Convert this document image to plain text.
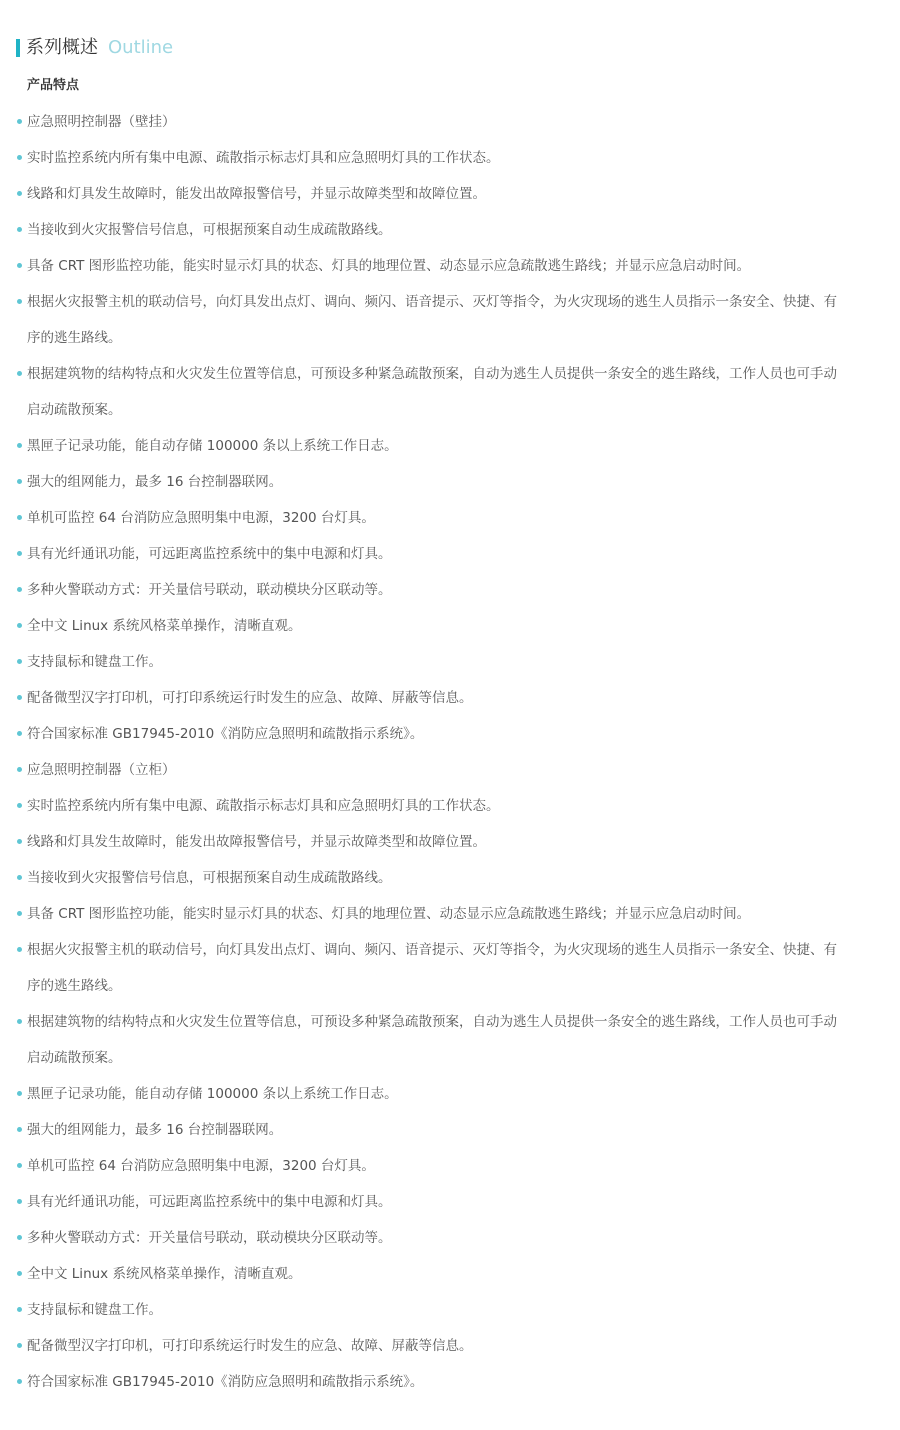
系列概述 Outline
产品特点
应急照明控制器（壁挂）
实时监控系统内所有集中电源、疏散指示标志灯具和应急照明灯具的工作状态。
线路和灯具发生故障时，能发出故障报警信号，并显示故障类型和故障位置。
当接收到火灾报警信号信息，可根据预案自动生成疏散路线。
具备 CRT 图形监控功能，能实时显示灯具的状态、灯具的地理位置、动态显示应急疏散逃生路线；并显示应急启动时间。
根据火灾报警主机的联动信号，向灯具发出点灯、调向、频闪、语音提示、灭灯等指令，为火灾现场的逃生人员指示一条安全、快捷、有序的逃生路线。
根据建筑物的结构特点和火灾发生位置等信息，可预设多种紧急疏散预案，自动为逃生人员提供一条安全的逃生路线，工作人员也可手动启动疏散预案。
黑匣子记录功能，能自动存储 100000 条以上系统工作日志。
强大的组网能力，最多 16 台控制器联网。
单机可监控 64 台消防应急照明集中电源，3200 台灯具。
具有光纤通讯功能，可远距离监控系统中的集中电源和灯具。
多种火警联动方式：开关量信号联动，联动模块分区联动等。
全中文 Linux 系统风格菜单操作，清晰直观。
支持鼠标和键盘工作。
配备微型汉字打印机，可打印系统运行时发生的应急、故障、屏蔽等信息。
符合国家标准 GB17945-2010《消防应急照明和疏散指示系统》。
应急照明控制器（立柜）
实时监控系统内所有集中电源、疏散指示标志灯具和应急照明灯具的工作状态。
线路和灯具发生故障时，能发出故障报警信号，并显示故障类型和故障位置。
当接收到火灾报警信号信息，可根据预案自动生成疏散路线。
具备 CRT 图形监控功能，能实时显示灯具的状态、灯具的地理位置、动态显示应急疏散逃生路线；并显示应急启动时间。
根据火灾报警主机的联动信号，向灯具发出点灯、调向、频闪、语音提示、灭灯等指令，为火灾现场的逃生人员指示一条安全、快捷、有序的逃生路线。
根据建筑物的结构特点和火灾发生位置等信息，可预设多种紧急疏散预案，自动为逃生人员提供一条安全的逃生路线，工作人员也可手动启动疏散预案。
黑匣子记录功能，能自动存储 100000 条以上系统工作日志。
强大的组网能力，最多 16 台控制器联网。
单机可监控 64 台消防应急照明集中电源，3200 台灯具。
具有光纤通讯功能，可远距离监控系统中的集中电源和灯具。
多种火警联动方式：开关量信号联动，联动模块分区联动等。
全中文 Linux 系统风格菜单操作，清晰直观。
支持鼠标和键盘工作。
配备微型汉字打印机，可打印系统运行时发生的应急、故障、屏蔽等信息。
符合国家标准 GB17945-2010《消防应急照明和疏散指示系统》。
